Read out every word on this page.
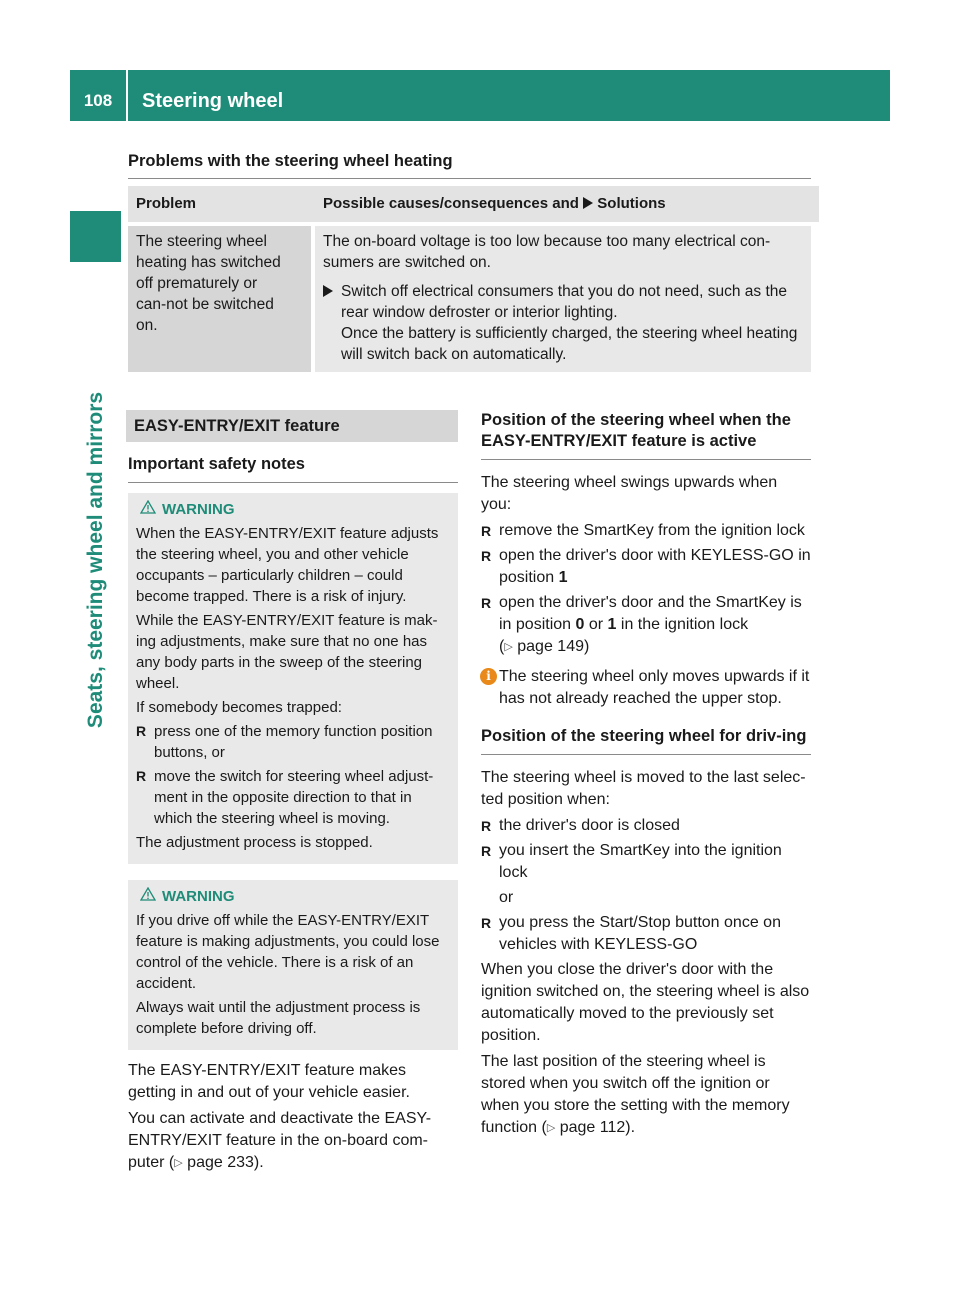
108	Steering wheel
Seats, steering wheel and mirrors
Problems with the steering wheel heating
Problem	Possible causes/consequences and Solutions
The steering wheel heating has switched off prematurely or can-not be switched on.
The on-board voltage is too low because too many electrical con-sumers are switched on.
Switch off electrical consumers that you do not need, such as the rear window defroster or interior lighting.
Once the battery is sufficiently charged, the steering wheel heating will switch back on automatically.
EASY-ENTRY/EXIT feature
Important safety notes
WARNING

When the EASY-ENTRY/EXIT feature adjusts the steering wheel, you and other vehicle occupants – particularly children – could become trapped. There is a risk of injury.

While the EASY-ENTRY/EXIT feature is mak-ing adjustments, make sure that no one has any body parts in the sweep of the steering wheel.

If somebody becomes trapped:

R press one of the memory function position buttons, or
R move the switch for steering wheel adjust-ment in the opposite direction to that in which the steering wheel is moving.

The adjustment process is stopped.

WARNING

If you drive off while the EASY-ENTRY/EXIT feature is making adjustments, you could lose control of the vehicle. There is a risk of an accident.

Always wait until the adjustment process is complete before driving off.

The EASY-ENTRY/EXIT feature makes getting in and out of your vehicle easier.

You can activate and deactivate the EASY-ENTRY/EXIT feature in the on-board com-puter (▷ page 233).

Position of the steering wheel when the EASY-ENTRY/EXIT feature is active

The steering wheel swings upwards when you:

R remove the SmartKey from the ignition lock
R open the driver's door with KEYLESS-GO in position 1
R open the driver's door and the SmartKey is in position 0 or 1 in the ignition lock
(▷ page 149)
i The steering wheel only moves upwards if it has not already reached the upper stop.
Position of the steering wheel for driv-ing

The steering wheel is moved to the last selec-ted position when:

R the driver's door is closed
R you insert the SmartKey into the ignition lock
or
R you press the Start/Stop button once on vehicles with KEYLESS-GO

When you close the driver's door with the ignition switched on, the steering wheel is also automatically moved to the previously set position.

The last position of the steering wheel is stored when you switch off the ignition or when you store the setting with the memory function (▷ page 112).
